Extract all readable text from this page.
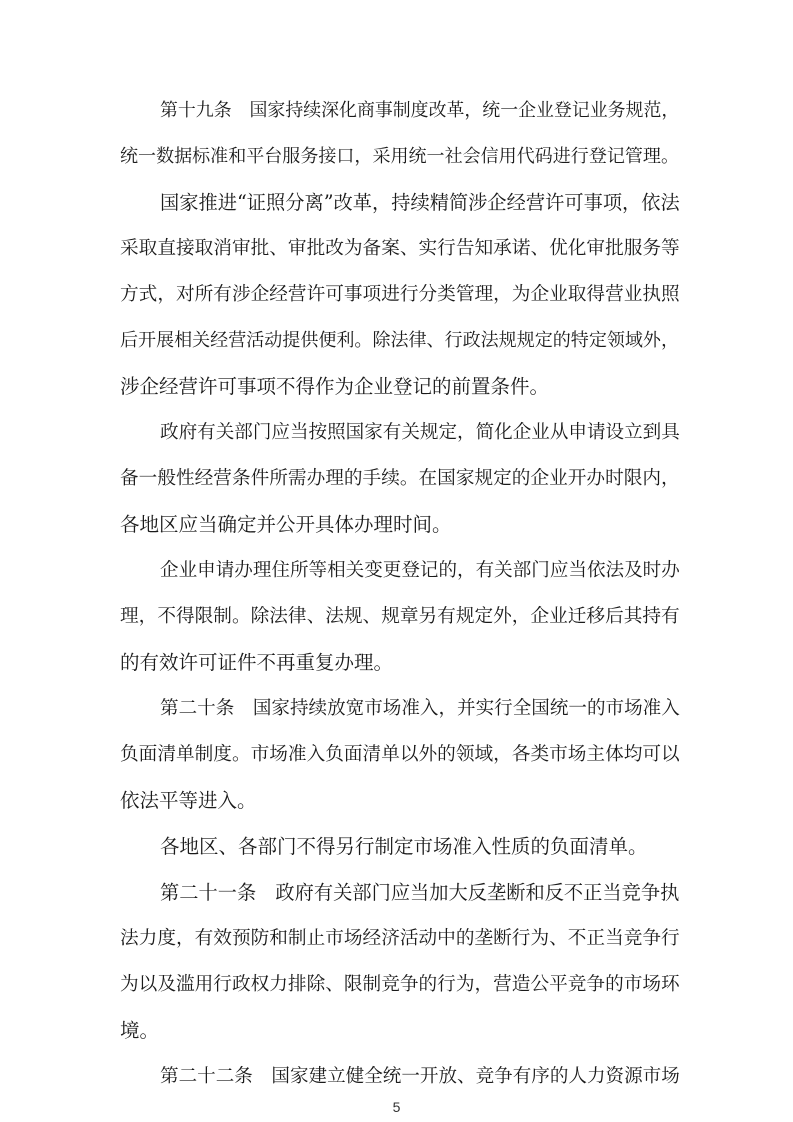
第十九条　国家持续深化商事制度改革，统一企业登记业务规范，

统一数据标准和平台服务接口，采用统一社会信用代码进行登记管理。

国家推进“证照分离”改革，持续精简涉企经营许可事项，依法

采取直接取消审批、审批改为备案、实行告知承诺、优化审批服务等

方式，对所有涉企经营许可事项进行分类管理，为企业取得营业执照

后开展相关经营活动提供便利。除法律、行政法规规定的特定领域外，

涉企经营许可事项不得作为企业登记的前置条件。

政府有关部门应当按照国家有关规定，简化企业从申请设立到具

备一般性经营条件所需办理的手续。在国家规定的企业开办时限内，

各地区应当确定并公开具体办理时间。

企业申请办理住所等相关变更登记的，有关部门应当依法及时办

理，不得限制。除法律、法规、规章另有规定外，企业迁移后其持有

的有效许可证件不再重复办理。

第二十条　国家持续放宽市场准入，并实行全国统一的市场准入

负面清单制度。市场准入负面清单以外的领域，各类市场主体均可以

依法平等进入。

各地区、各部门不得另行制定市场准入性质的负面清单。

第二十一条　政府有关部门应当加大反垄断和反不正当竞争执

法力度，有效预防和制止市场经济活动中的垄断行为、不正当竞争行

为以及滥用行政权力排除、限制竞争的行为，营造公平竞争的市场环

境。

第二十二条　国家建立健全统一开放、竞争有序的人力资源市场

5
